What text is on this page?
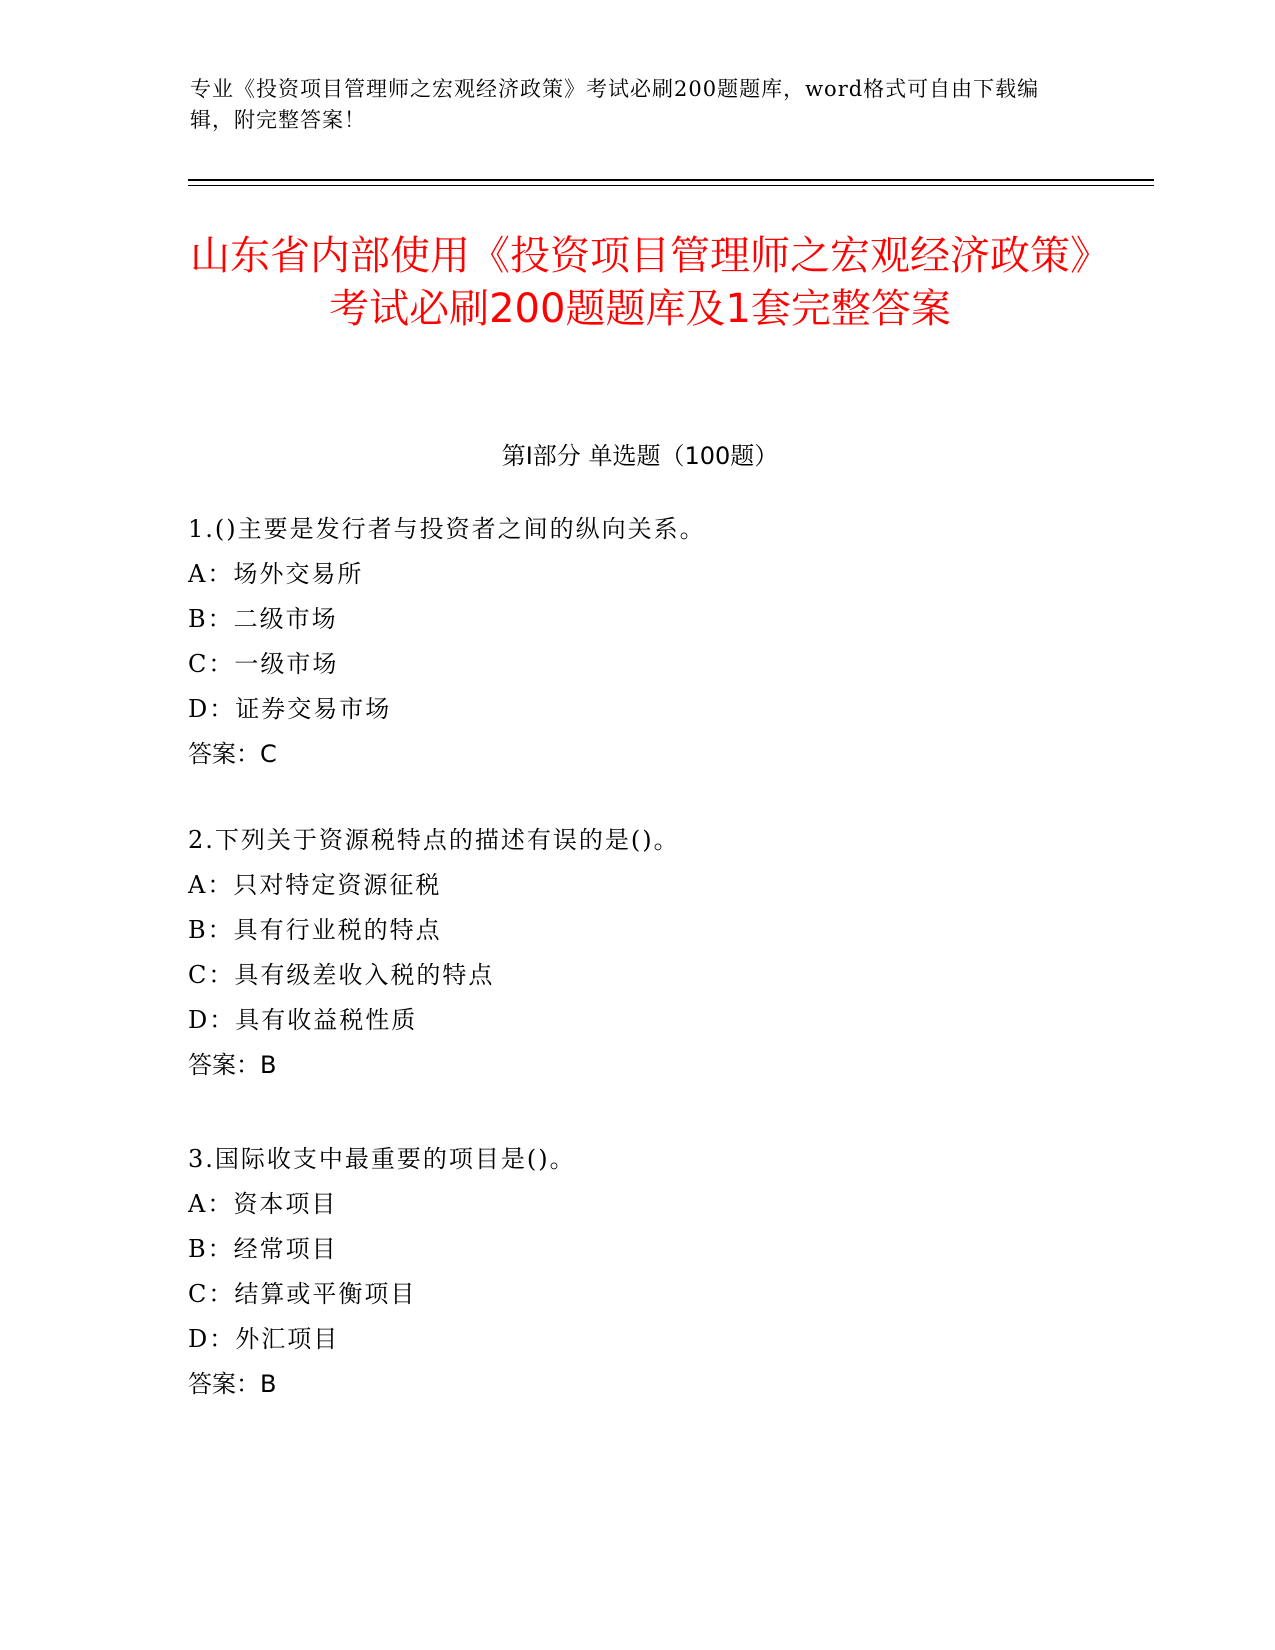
专业《投资项目管理师之宏观经济政策》考试必刷200题题库，word格式可自由下载编辑，附完整答案！
山东省内部使用《投资项目管理师之宏观经济政策》考试必刷200题题库及1套完整答案
第I部分 单选题（100题）
1.()主要是发行者与投资者之间的纵向关系。
A：场外交易所
B：二级市场
C：一级市场
D：证券交易市场
答案：C
2.下列关于资源税特点的描述有误的是()。
A：只对特定资源征税
B：具有行业税的特点
C：具有级差收入税的特点
D：具有收益税性质
答案：B
3.国际收支中最重要的项目是()。
A：资本项目
B：经常项目
C：结算或平衡项目
D：外汇项目
答案：B
